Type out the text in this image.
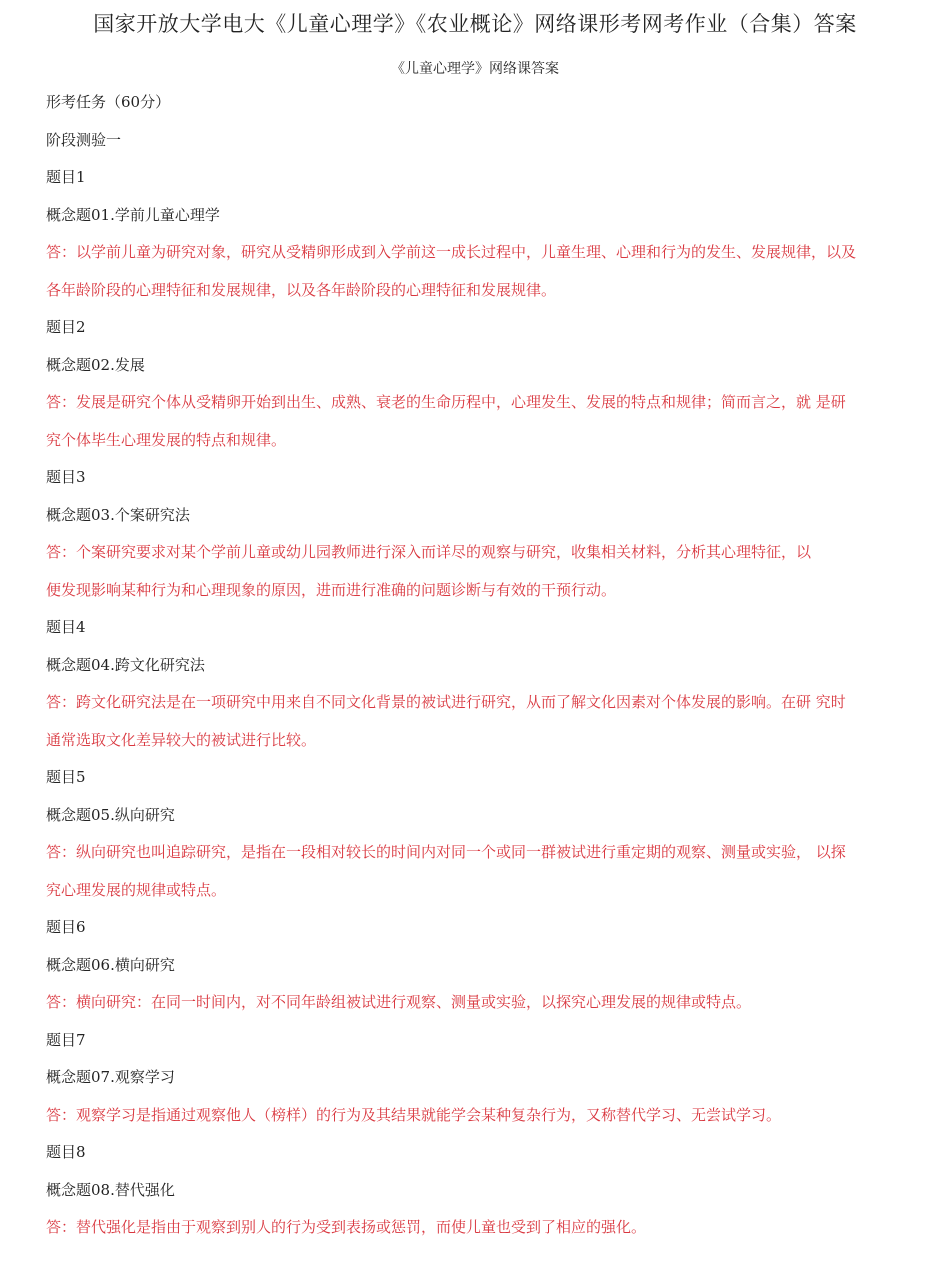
国家开放大学电大《儿童心理学》《农业概论》网络课形考网考作业（合集）答案
《儿童心理学》网络课答案
形考任务（60分）
阶段测验一
题目1
概念题01.学前儿童心理学
答：以学前儿童为研究对象，研究从受精卵形成到入学前这一成长过程中，儿童生理、心理和行为的发生、发展规律，以及
各年龄阶段的心理特征和发展规律，以及各年龄阶段的心理特征和发展规律。
题目2
概念题02.发展
答：发展是研究个体从受精卵开始到出生、成熟、衰老的生命历程中，心理发生、发展的特点和规律；简而言之，就 是研
究个体毕生心理发展的特点和规律。
题目3
概念题03.个案研究法
答：个案研究要求对某个学前儿童或幼儿园教师进行深入而详尽的观察与研究，收集相关材料，分析其心理特征，以
便发现影响某种行为和心理现象的原因，进而进行准确的问题诊断与有效的干预行动。
题目4
概念题04.跨文化研究法
答：跨文化研究法是在一项研究中用来自不同文化背景的被试进行研究，从而了解文化因素对个体发展的影响。在研 究时
通常选取文化差异较大的被试进行比较。
题目5
概念题05.纵向研究
答：纵向研究也叫追踪研究，是指在一段相对较长的时间内对同一个或同一群被试进行重定期的观察、测量或实验， 以探
究心理发展的规律或特点。
题目6
概念题06.横向研究
答：横向研究：在同一时间内，对不同年龄组被试进行观察、测量或实验，以探究心理发展的规律或特点。
题目7
概念题07.观察学习
答：观察学习是指通过观察他人（榜样）的行为及其结果就能学会某种复杂行为，又称替代学习、无尝试学习。
题目8
概念题08.替代强化
答：替代强化是指由于观察到别人的行为受到表扬或惩罚，而使儿童也受到了相应的强化。
